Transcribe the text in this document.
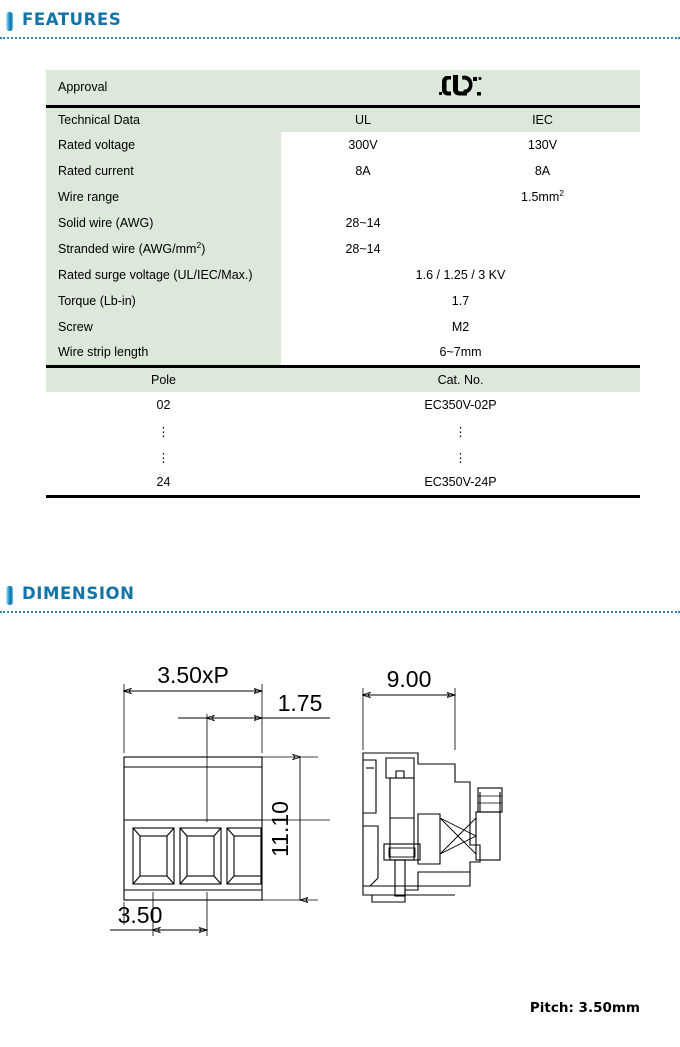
FEATURES
Approval	
Technical Data	UL	IEC
Rated voltage	300V	130V
Rated current	8A	8A
Wire range		$1.5mm^2$
Solid wire (AWG)	28~14	
Stranded wire $(AWG/mm^2)$	28~14	
Rated surge voltage (UL/IEC/Max.)	1.6 / 1.25 / 3 KV	
Torque (Lb-in)	1.7	
Screw	M2	
Wire strip length	6~7mm	
Pole	Cat. No.	
02	EC350V-02P	
⋮	⋮	
⋮	⋮	
24	EC350V-24P	
DIMENSION
3.50xP
1.75
11.10
3.50
9.00
Pitch: 3.50mm
